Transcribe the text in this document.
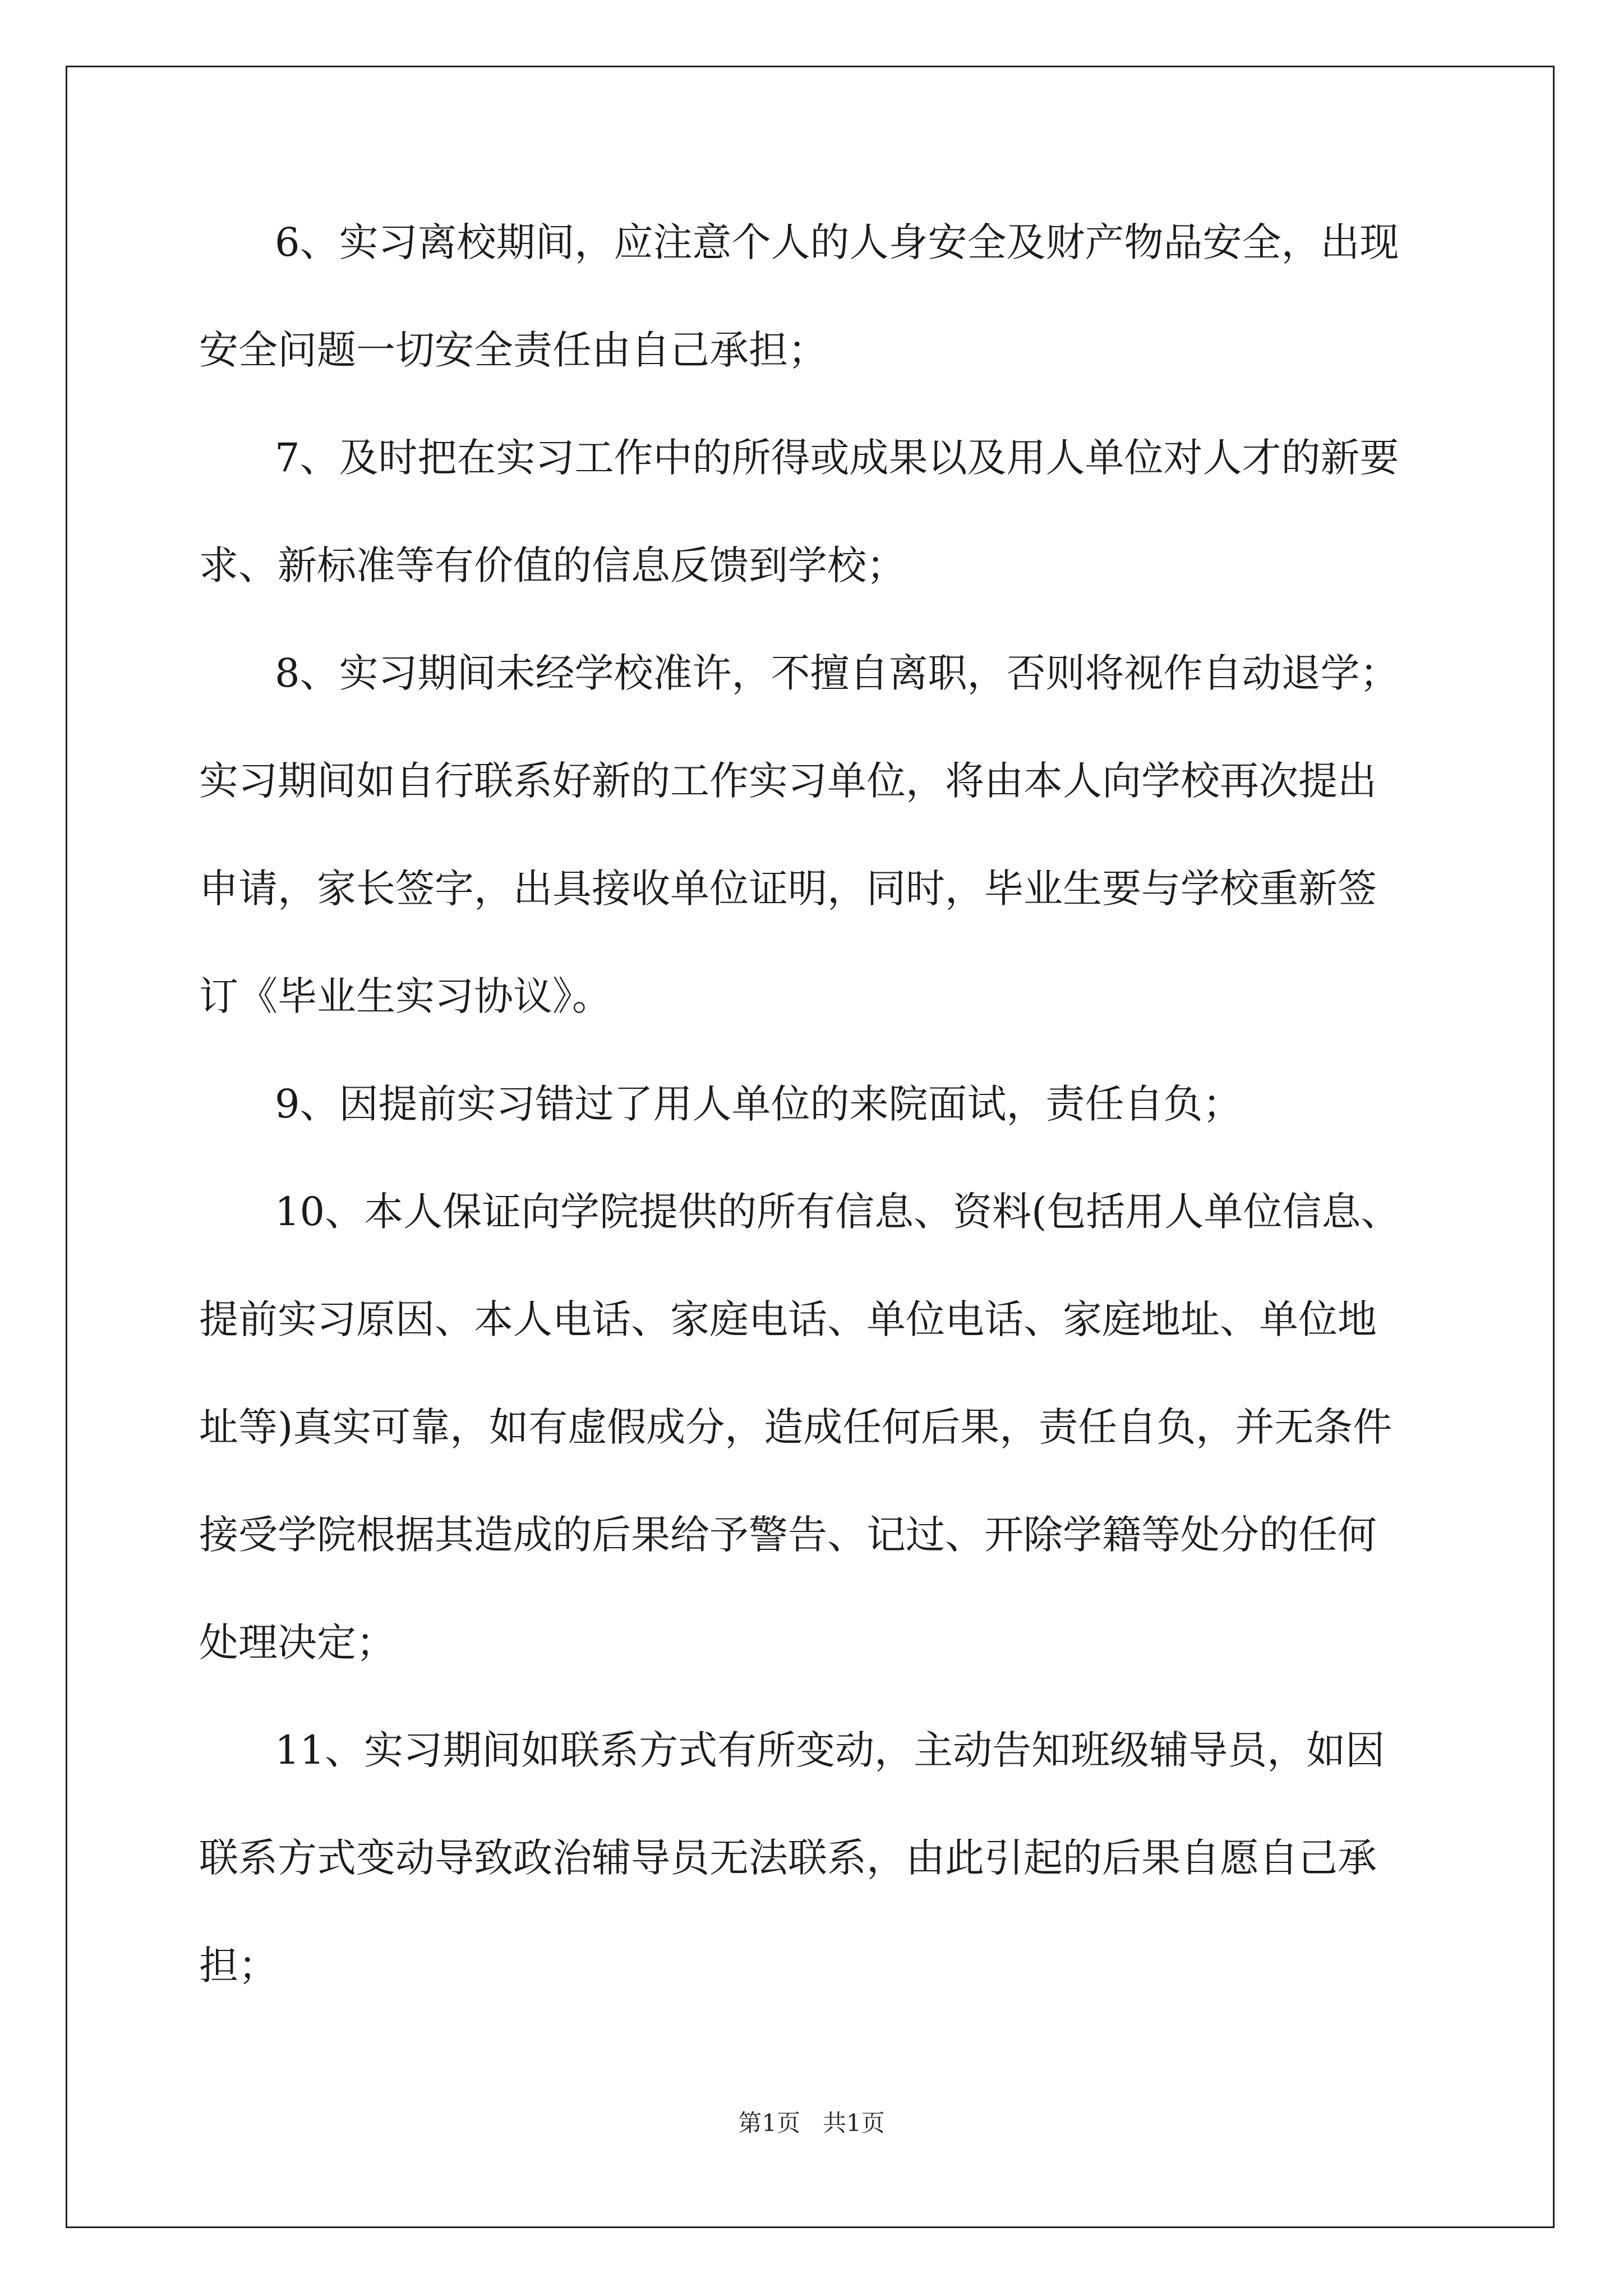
6、实习离校期间，应注意个人的人身安全及财产物品安全，出现
安全问题一切安全责任由自己承担；
7、及时把在实习工作中的所得或成果以及用人单位对人才的新要
求、新标准等有价值的信息反馈到学校；
8、实习期间未经学校准许，不擅自离职，否则将视作自动退学；
实习期间如自行联系好新的工作实习单位，将由本人向学校再次提出
申请，家长签字，出具接收单位证明，同时，毕业生要与学校重新签
订《毕业生实习协议》。
9、因提前实习错过了用人单位的来院面试，责任自负；
10、本人保证向学院提供的所有信息、资料(包括用人单位信息、
提前实习原因、本人电话、家庭电话、单位电话、家庭地址、单位地
址等)真实可靠，如有虚假成分，造成任何后果，责任自负，并无条件
接受学院根据其造成的后果给予警告、记过、开除学籍等处分的任何
处理决定；
11、实习期间如联系方式有所变动，主动告知班级辅导员，如因
联系方式变动导致政治辅导员无法联系，由此引起的后果自愿自己承
担；
第1页 共1页
